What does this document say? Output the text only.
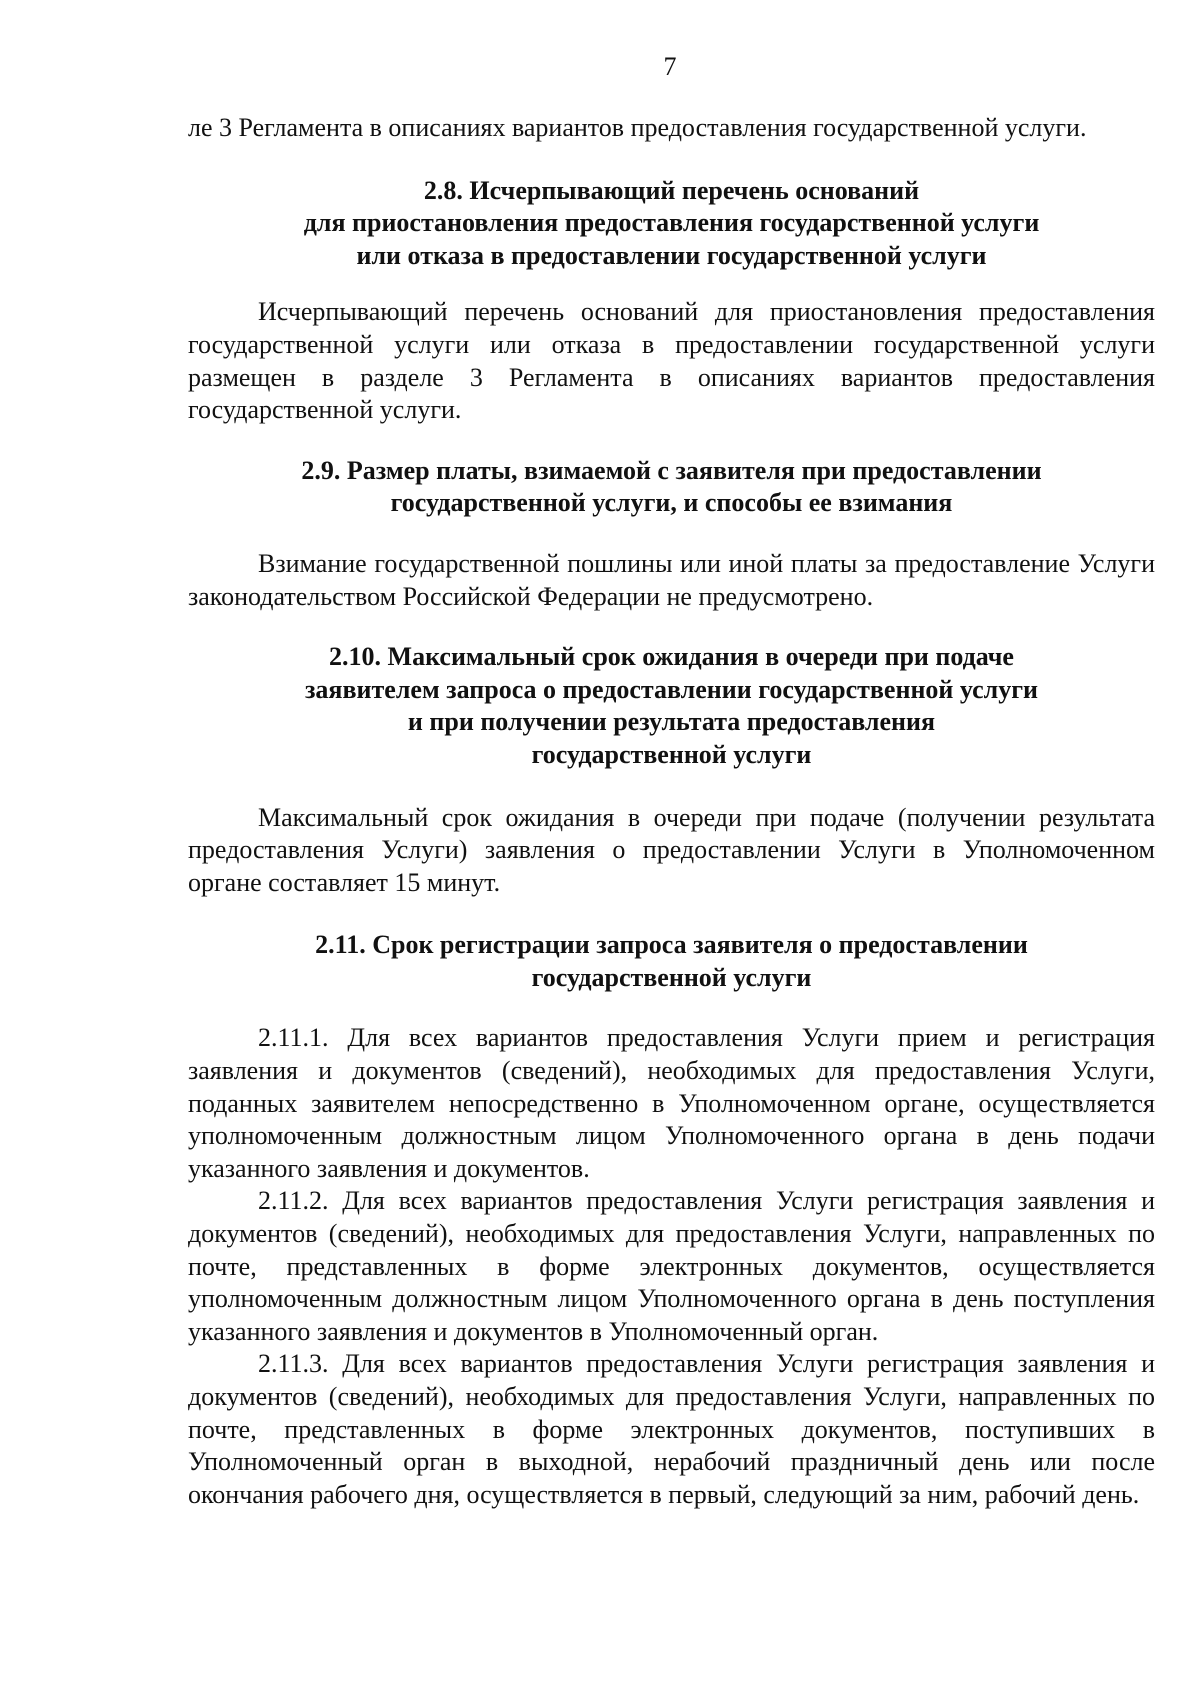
7

ле 3 Регламента в описаниях вариантов предоставления государственной услуги.

2.8. Исчерпывающий перечень оснований
для приостановления предоставления государственной услуги
или отказа в предоставлении государственной услуги

Исчерпывающий перечень оснований для приостановления предоставления государственной услуги или отказа в предоставлении государственной услуги размещен в разделе 3 Регламента в описаниях вариантов предоставления государственной услуги.

2.9. Размер платы, взимаемой с заявителя при предоставлении
государственной услуги, и способы ее взимания

Взимание государственной пошлины или иной платы за предоставление Услуги законодательством Российской Федерации не предусмотрено.

2.10. Максимальный срок ожидания в очереди при подаче
заявителем запроса о предоставлении государственной услуги
и при получении результата предоставления
государственной услуги

Максимальный срок ожидания в очереди при подаче (получении результата предоставления Услуги) заявления о предоставлении Услуги в Уполномоченном органе составляет 15 минут.

2.11. Срок регистрации запроса заявителя о предоставлении
государственной услуги

2.11.1. Для всех вариантов предоставления Услуги прием и регистрация заявления и документов (сведений), необходимых для предоставления Услуги, поданных заявителем непосредственно в Уполномоченном органе, осуществляется уполномоченным должностным лицом Уполномоченного органа в день подачи указанного заявления и документов.

2.11.2. Для всех вариантов предоставления Услуги регистрация заявления и документов (сведений), необходимых для предоставления Услуги, направленных по почте, представленных в форме электронных документов, осуществляется уполномоченным должностным лицом Уполномоченного органа в день поступления указанного заявления и документов в Уполномоченный орган.

2.11.3. Для всех вариантов предоставления Услуги регистрация заявления и документов (сведений), необходимых для предоставления Услуги, направленных по почте, представленных в форме электронных документов, поступивших в Уполномоченный орган в выходной, нерабочий праздничный день или после окончания рабочего дня, осуществляется в первый, следующий за ним, рабочий день.
